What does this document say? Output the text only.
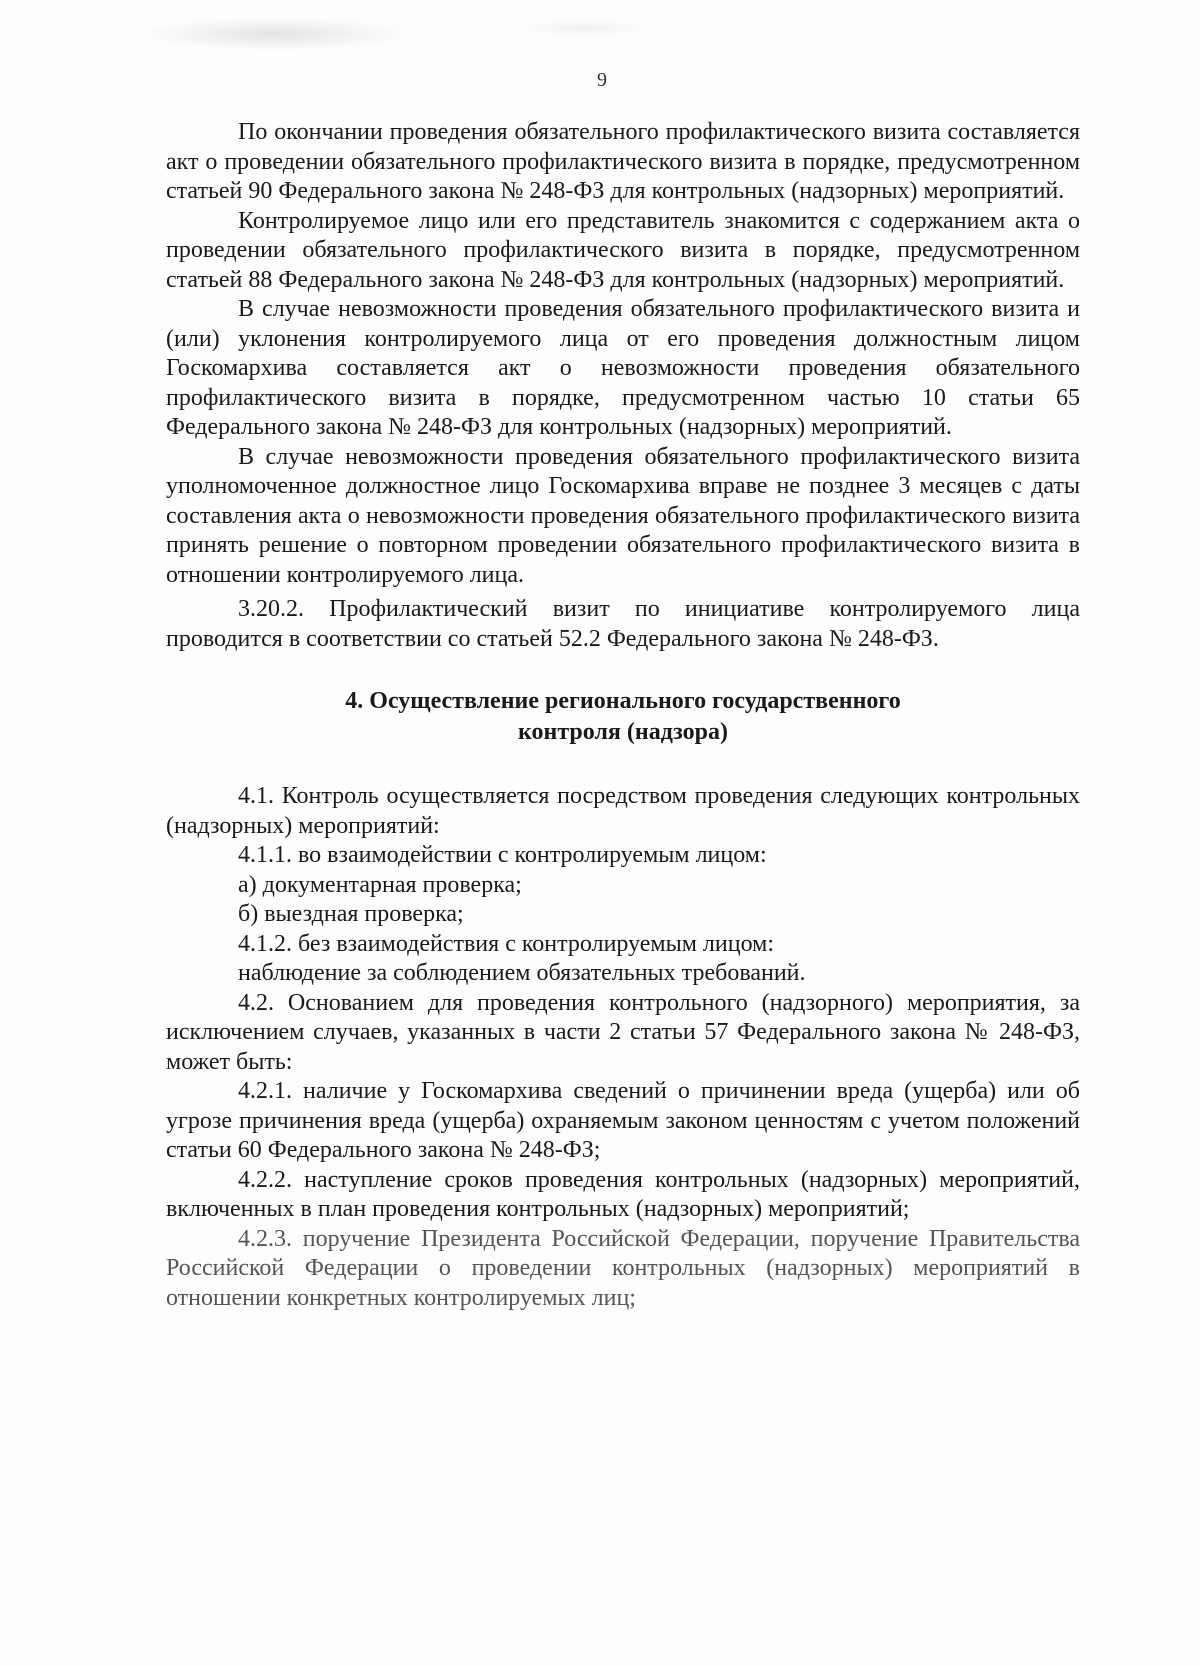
9

По окончании проведения обязательного профилактического визита составляется акт о проведении обязательного профилактического визита в порядке, предусмотренном статьей 90 Федерального закона № 248-ФЗ для контрольных (надзорных) мероприятий.

Контролируемое лицо или его представитель знакомится с содержанием акта о проведении обязательного профилактического визита в порядке, предусмотренном статьей 88 Федерального закона № 248-ФЗ для контрольных (надзорных) мероприятий.

В случае невозможности проведения обязательного профилактического визита и (или) уклонения контролируемого лица от его проведения должностным лицом Госкомархива составляется акт о невозможности проведения обязательного профилактического визита в порядке, предусмотренном частью 10 статьи 65 Федерального закона № 248-ФЗ для контрольных (надзорных) мероприятий.

В случае невозможности проведения обязательного профилактического визита уполномоченное должностное лицо Госкомархива вправе не позднее 3 месяцев с даты составления акта о невозможности проведения обязательного профилактического визита принять решение о повторном проведении обязательного профилактического визита в отношении контролируемого лица.

3.20.2. Профилактический визит по инициативе контролируемого лица проводится в соответствии со статьей 52.2 Федерального закона № 248-ФЗ.

4. Осуществление регионального государственного
контроля (надзора)

4.1. Контроль осуществляется посредством проведения следующих контрольных (надзорных) мероприятий:

4.1.1. во взаимодействии с контролируемым лицом:

а) документарная проверка;

б) выездная проверка;

4.1.2. без взаимодействия с контролируемым лицом:

наблюдение за соблюдением обязательных требований.

4.2. Основанием для проведения контрольного (надзорного) мероприятия, за исключением случаев, указанных в части 2 статьи 57 Федерального закона № 248-ФЗ, может быть:

4.2.1. наличие у Госкомархива сведений о причинении вреда (ущерба) или об угрозе причинения вреда (ущерба) охраняемым законом ценностям с учетом положений статьи 60 Федерального закона № 248-ФЗ;

4.2.2. наступление сроков проведения контрольных (надзорных) мероприятий, включенных в план проведения контрольных (надзорных) мероприятий;

4.2.3. поручение Президента Российской Федерации, поручение Правительства Российской Федерации о проведении контрольных (надзорных) мероприятий в отношении конкретных контролируемых лиц;
